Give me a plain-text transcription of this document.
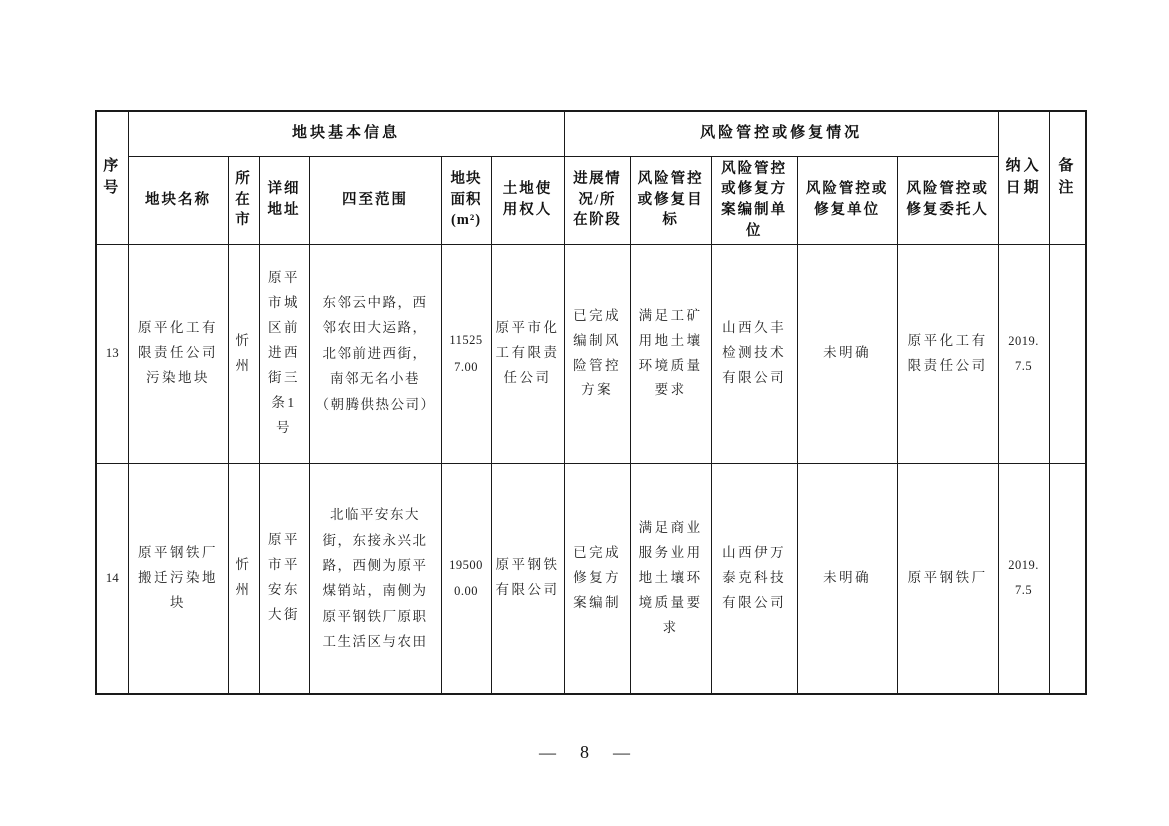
序号	地块基本信息						风险管控或修复情况					纳入日期	备注
	地块名称	所在市	详细地址	四至范围	地块面积(m²)	土地使用权人	进展情况/所在阶段	风险管控或修复目标	风险管控或修复方案编制单位	风险管控或修复单位	风险管控或修复委托人		
13	原平化工有限责任公司污染地块	忻州	原平市城区前进西街三条1号	东邻云中路，西邻农田大运路，北邻前进西街， 南邻无名小巷（朝腾供热公司）	115257.00	原平市化工有限责任公司	已完成编制风险管控方案	满足工矿用地土壤环境质量要求	山西久丰检测技术有限公司	未明确	原平化工有限责任公司	2019.7.5	
14	原平钢铁厂搬迁污染地块	忻州	原平市平安东大街	北临平安东大街，东接永兴北路，西侧为原平煤销站，南侧为原平钢铁厂原职工生活区与农田	195000.00	原平钢铁有限公司	已完成修复方案编制	满足商业服务业用地土壤环境质量要求	山西伊万泰克科技有限公司	未明确	原平钢铁厂	2019.7.5	
— 8 —
